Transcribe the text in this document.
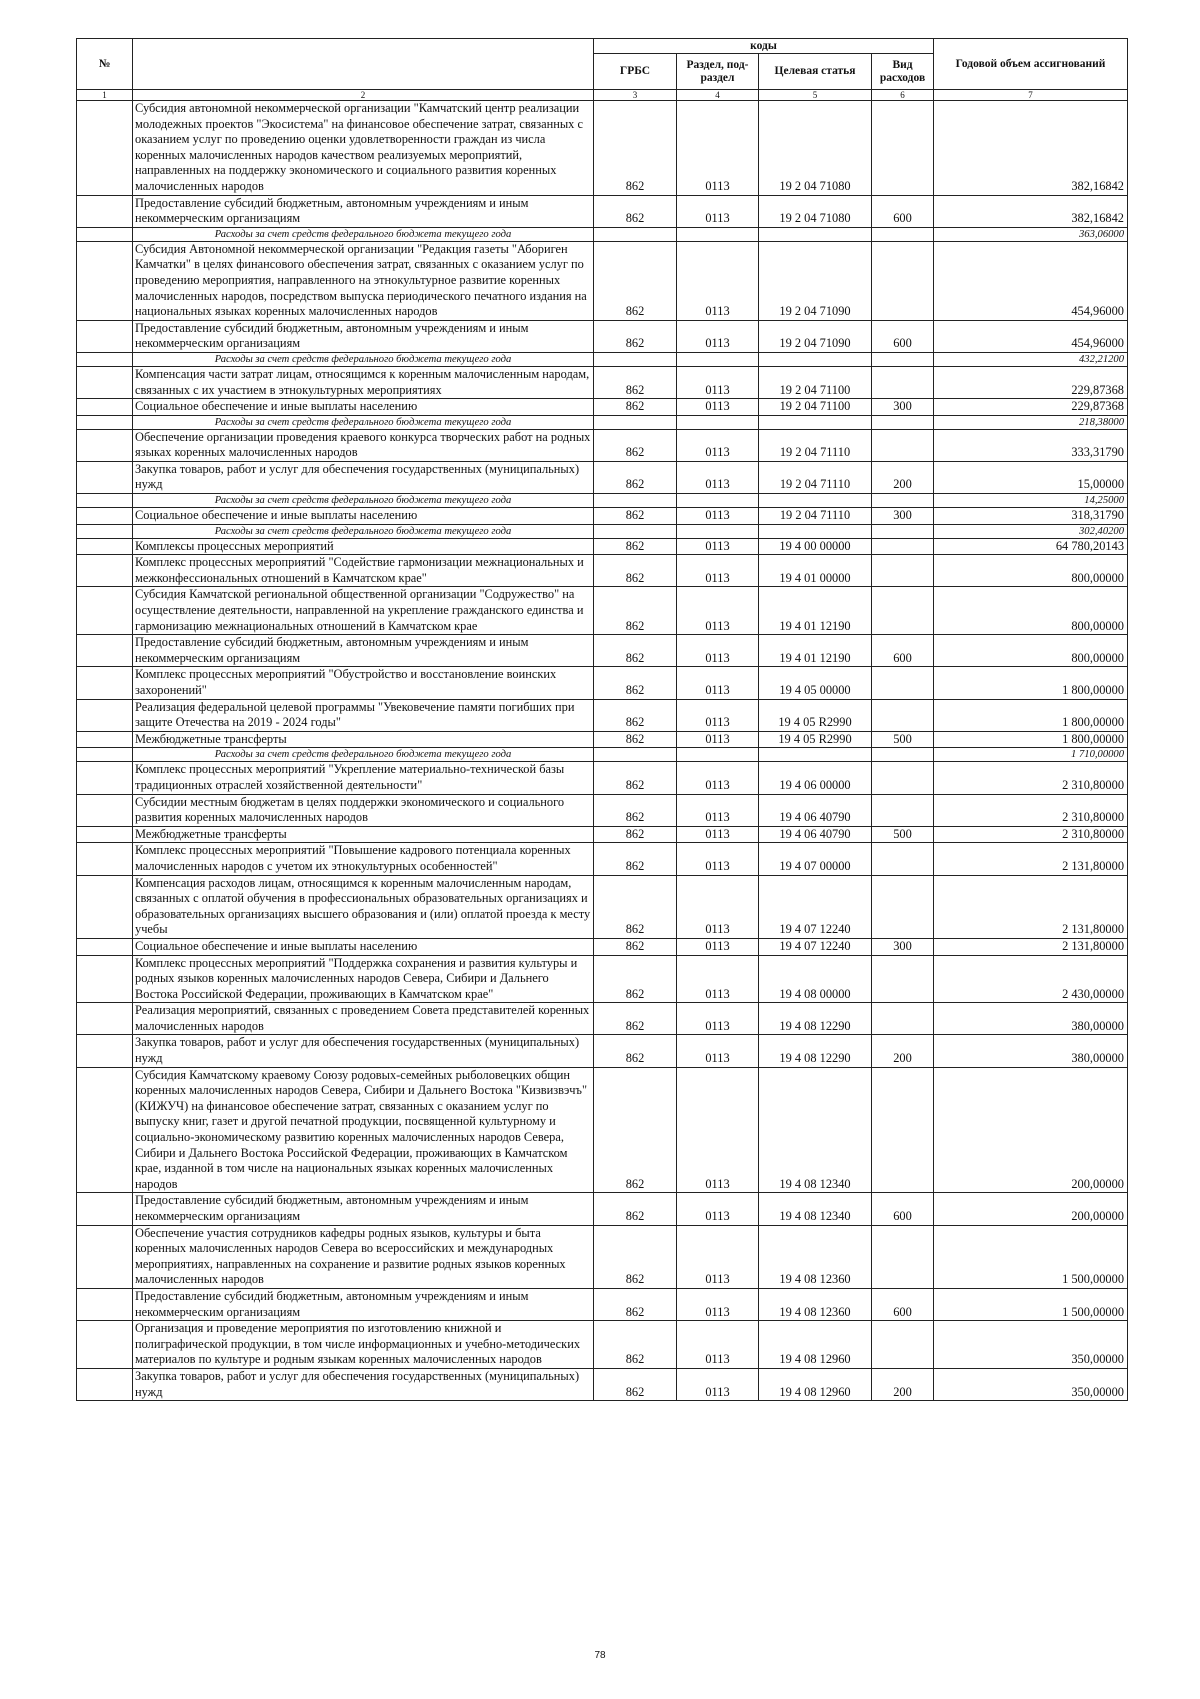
№		коды				Годовой объем ассигнований
		ГРБС	Раздел, под-раздел	Целевая статья	Вид расходов	
1	2	3	4	5	6	7
	Субсидия автономной некоммерческой организации "Камчатский центр реализации молодежных проектов "Экосистема" на финансовое обеспечение затрат, связанных с оказанием услуг по проведению оценки удовлетворенности граждан из числа коренных малочисленных народов качеством реализуемых мероприятий, направленных на поддержку экономического и социального развития коренных малочисленных народов	862	0113	19 2 04 71080		382,16842
	Предоставление субсидий бюджетным, автономным учреждениям и иным некоммерческим организациям	862	0113	19 2 04 71080	600	382,16842
	Расходы за счет средств федерального бюджета текущего года					363,06000
	Субсидия Автономной некоммерческой организации "Редакция газеты "Абориген Камчатки" в целях финансового обеспечения затрат, связанных с оказанием услуг по проведению мероприятия, направленного на этнокультурное развитие коренных малочисленных народов, посредством выпуска периодического печатного издания на национальных языках коренных малочисленных народов	862	0113	19 2 04 71090		454,96000
	Предоставление субсидий бюджетным, автономным учреждениям и иным некоммерческим организациям	862	0113	19 2 04 71090	600	454,96000
	Расходы за счет средств федерального бюджета текущего года					432,21200
	Компенсация части затрат лицам, относящимся к коренным малочисленным народам, связанных с их участием в этнокультурных мероприятиях	862	0113	19 2 04 71100		229,87368
	Социальное обеспечение и иные выплаты населению	862	0113	19 2 04 71100	300	229,87368
	Расходы за счет средств федерального бюджета текущего года					218,38000
	Обеспечение организации проведения краевого конкурса творческих работ на родных языках коренных малочисленных народов	862	0113	19 2 04 71110		333,31790
	Закупка товаров, работ и услуг для обеспечения государственных (муниципальных) нужд	862	0113	19 2 04 71110	200	15,00000
	Расходы за счет средств федерального бюджета текущего года					14,25000
	Социальное обеспечение и иные выплаты населению	862	0113	19 2 04 71110	300	318,31790
	Расходы за счет средств федерального бюджета текущего года					302,40200
	Комплексы процессных мероприятий	862	0113	19 4 00 00000		64 780,20143
	Комплекс процессных мероприятий "Содействие гармонизации межнациональных и межконфессиональных отношений в Камчатском крае"	862	0113	19 4 01 00000		800,00000
	Субсидия Камчатской региональной общественной организации "Содружество" на осуществление деятельности, направленной на укрепление гражданского единства и гармонизацию межнациональных отношений в Камчатском крае	862	0113	19 4 01 12190		800,00000
	Предоставление субсидий бюджетным, автономным учреждениям и иным некоммерческим организациям	862	0113	19 4 01 12190	600	800,00000
	Комплекс процессных мероприятий "Обустройство и восстановление воинских захоронений"	862	0113	19 4 05 00000		1 800,00000
	Реализация федеральной целевой программы "Увековечение памяти погибших при защите Отечества на 2019 - 2024 годы"	862	0113	19 4 05 R2990		1 800,00000
	Межбюджетные трансферты	862	0113	19 4 05 R2990	500	1 800,00000
	Расходы за счет средств федерального бюджета текущего года					1 710,00000
	Комплекс процессных мероприятий "Укрепление материально-технической базы традиционных отраслей хозяйственной деятельности"	862	0113	19 4 06 00000		2 310,80000
	Субсидии местным бюджетам в целях поддержки экономического и социального развития коренных малочисленных народов	862	0113	19 4 06 40790		2 310,80000
	Межбюджетные трансферты	862	0113	19 4 06 40790	500	2 310,80000
	Комплекс процессных мероприятий "Повышение кадрового потенциала коренных малочисленных народов с учетом их этнокультурных особенностей"	862	0113	19 4 07 00000		2 131,80000
	Компенсация расходов лицам, относящимся к коренным малочисленным народам, связанных с оплатой обучения в профессиональных образовательных организациях и образовательных организациях высшего образования и (или) оплатой проезда к месту учебы	862	0113	19 4 07 12240		2 131,80000
	Социальное обеспечение и иные выплаты населению	862	0113	19 4 07 12240	300	2 131,80000
	Комплекс процессных мероприятий "Поддержка сохранения и развития культуры и родных языков коренных малочисленных народов Севера, Сибири и Дальнего Востока Российской Федерации, проживающих в Камчатском крае"	862	0113	19 4 08 00000		2 430,00000
	Реализация мероприятий, связанных с проведением Совета представителей коренных малочисленных народов	862	0113	19 4 08 12290		380,00000
	Закупка товаров, работ и услуг для обеспечения государственных (муниципальных) нужд	862	0113	19 4 08 12290	200	380,00000
	Субсидия Камчатскому краевому Союзу родовых-семейных рыболовецких общин коренных малочисленных народов Севера, Сибири и Дальнего Востока "Кизвизвэчъ" (КИЖУЧ) на финансовое обеспечение затрат, связанных с оказанием услуг по выпуску книг, газет и другой печатной продукции, посвященной культурному и социально-экономическому развитию коренных малочисленных народов Севера, Сибири и Дальнего Востока Российской Федерации, проживающих в Камчатском крае, изданной в том числе на национальных языках коренных малочисленных народов	862	0113	19 4 08 12340		200,00000
	Предоставление субсидий бюджетным, автономным учреждениям и иным некоммерческим организациям	862	0113	19 4 08 12340	600	200,00000
	Обеспечение участия сотрудников кафедры родных языков, культуры и быта коренных малочисленных народов Севера во всероссийских и международных мероприятиях, направленных на сохранение и развитие родных языков коренных малочисленных народов	862	0113	19 4 08 12360		1 500,00000
	Предоставление субсидий бюджетным, автономным учреждениям и иным некоммерческим организациям	862	0113	19 4 08 12360	600	1 500,00000
	Организация и проведение мероприятия по изготовлению книжной и полиграфической продукции, в том числе информационных и учебно-методических материалов по культуре и родным языкам коренных малочисленных народов	862	0113	19 4 08 12960		350,00000
	Закупка товаров, работ и услуг для обеспечения государственных (муниципальных) нужд	862	0113	19 4 08 12960	200	350,00000
78
